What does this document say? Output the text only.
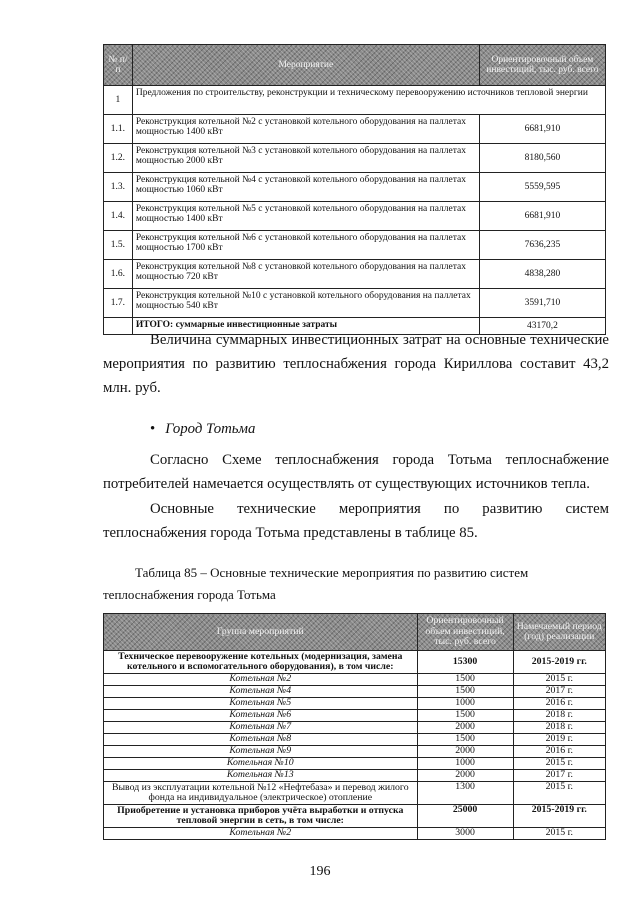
№ п/п	Мероприятие	Ориентировочный объем инвестиций, тыс. руб. всего
1	Предложения по строительству, реконструкции и техническому перевооружению источников тепловой энергии	
1.1.	Реконструкция котельной №2 с установкой котельного оборудования на паллетах мощностью 1400 кВт	6681,910
1.2.	Реконструкция котельной №3 с установкой котельного оборудования на паллетах мощностью 2000 кВт	8180,560
1.3.	Реконструкция котельной №4 с установкой котельного оборудования на паллетах мощностью 1060 кВт	5559,595
1.4.	Реконструкция котельной №5 с установкой котельного оборудования на паллетах мощностью 1400 кВт	6681,910
1.5.	Реконструкция котельной №6 с установкой котельного оборудования на паллетах мощностью 1700 кВт	7636,235
1.6.	Реконструкция котельной №8 с установкой котельного оборудования на паллетах мощностью 720 кВт	4838,280
1.7.	Реконструкция котельной №10 с установкой котельного оборудования на паллетах мощностью 540 кВт	3591,710
	ИТОГО: суммарные инвестиционные затраты	43170,2
Величина суммарных инвестиционных затрат на основные технические мероприятия по развитию теплоснабжения города Кириллова составит 43,2 млн. руб.
• Город Тотьма
Согласно Схеме теплоснабжения города Тотьма теплоснабжение потребителей намечается осуществлять от существующих источников тепла.
Основные технические мероприятия по развитию систем теплоснабжения города Тотьма представлены в таблице 85.
Таблица 85 – Основные технические мероприятия по развитию систем теплоснабжения города Тотьма
Группа мероприятий	Ориентировочный объем инвестиций, тыс. руб. всего	Намечаемый период (год) реализации
Техническое перевооружение котельных (модернизация, замена котельного и вспомогательного оборудования), в том числе:	15300	2015-2019 гг.
Котельная №2	1500	2015 г.
Котельная №4	1500	2017 г.
Котельная №5	1000	2016 г.
Котельная №6	1500	2018 г.
Котельная №7	2000	2018 г.
Котельная №8	1500	2019 г.
Котельная №9	2000	2016 г.
Котельная №10	1000	2015 г.
Котельная №13	2000	2017 г.
Вывод из эксплуатации котельной №12 «Нефтебаза» и перевод жилого фонда на индивидуальное (электрическое) отопление	1300	2015 г.
Приобретение и установка приборов учёта выработки и отпуска тепловой энергии в сеть, в том числе:	25000	2015-2019 гг.
Котельная №2	3000	2015 г.
196
